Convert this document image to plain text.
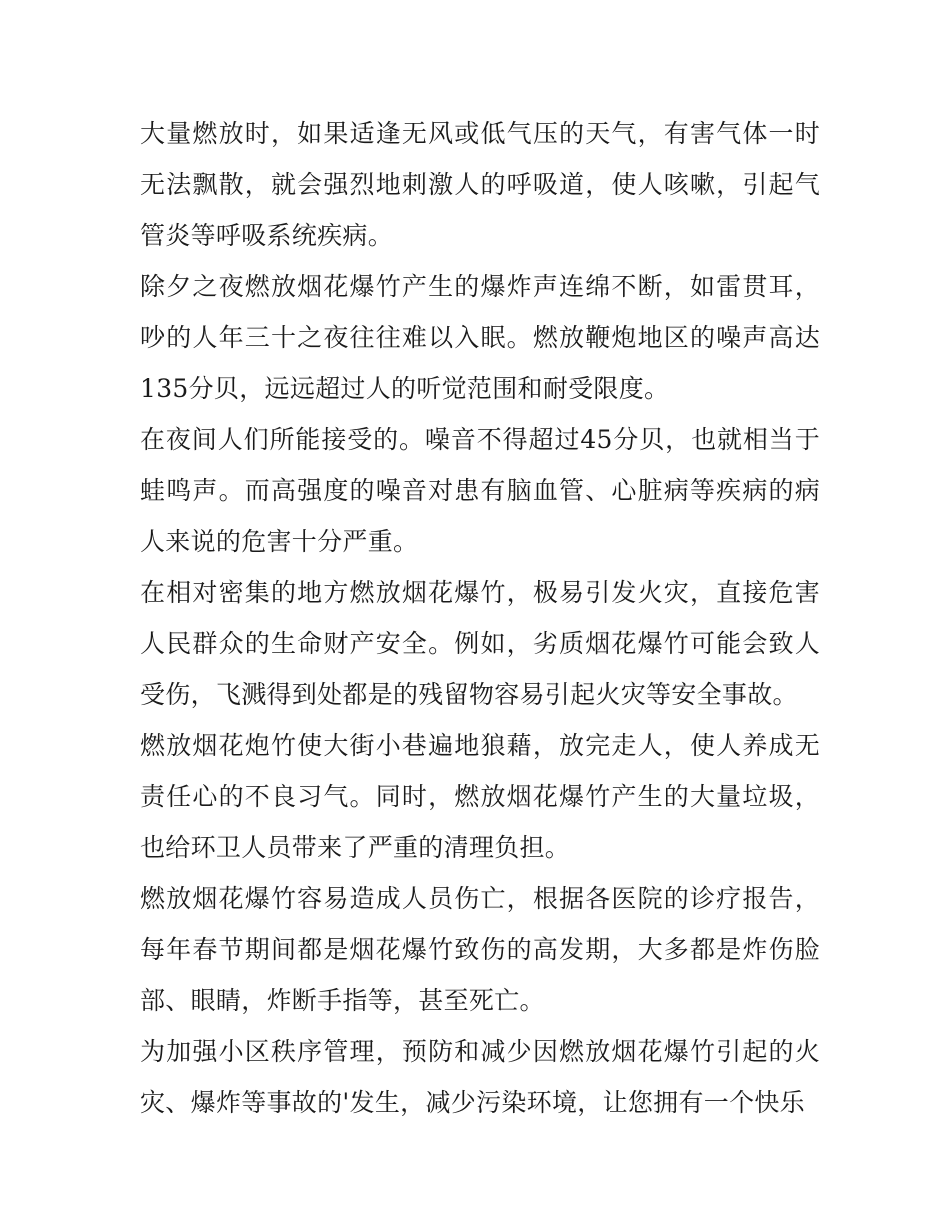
大量燃放时，如果适逢无风或低气压的天气，有害气体一时无法飘散，就会强烈地刺激人的呼吸道，使人咳嗽，引起气管炎等呼吸系统疾病。

除夕之夜燃放烟花爆竹产生的爆炸声连绵不断，如雷贯耳，吵的人年三十之夜往往难以入眠。燃放鞭炮地区的噪声高达135分贝，远远超过人的听觉范围和耐受限度。

在夜间人们所能接受的。噪音不得超过45分贝，也就相当于蛙鸣声。而高强度的噪音对患有脑血管、心脏病等疾病的病人来说的危害十分严重。

在相对密集的地方燃放烟花爆竹，极易引发火灾，直接危害人民群众的生命财产安全。例如，劣质烟花爆竹可能会致人受伤，飞溅得到处都是的残留物容易引起火灾等安全事故。

燃放烟花炮竹使大街小巷遍地狼藉，放完走人，使人养成无责任心的不良习气。同时，燃放烟花爆竹产生的大量垃圾，也给环卫人员带来了严重的清理负担。

燃放烟花爆竹容易造成人员伤亡，根据各医院的诊疗报告，每年春节期间都是烟花爆竹致伤的高发期，大多都是炸伤脸部、眼睛，炸断手指等，甚至死亡。

为加强小区秩序管理，预防和减少因燃放烟花爆竹引起的火灾、爆炸等事故的'发生，减少污染环境，让您拥有一个快乐
